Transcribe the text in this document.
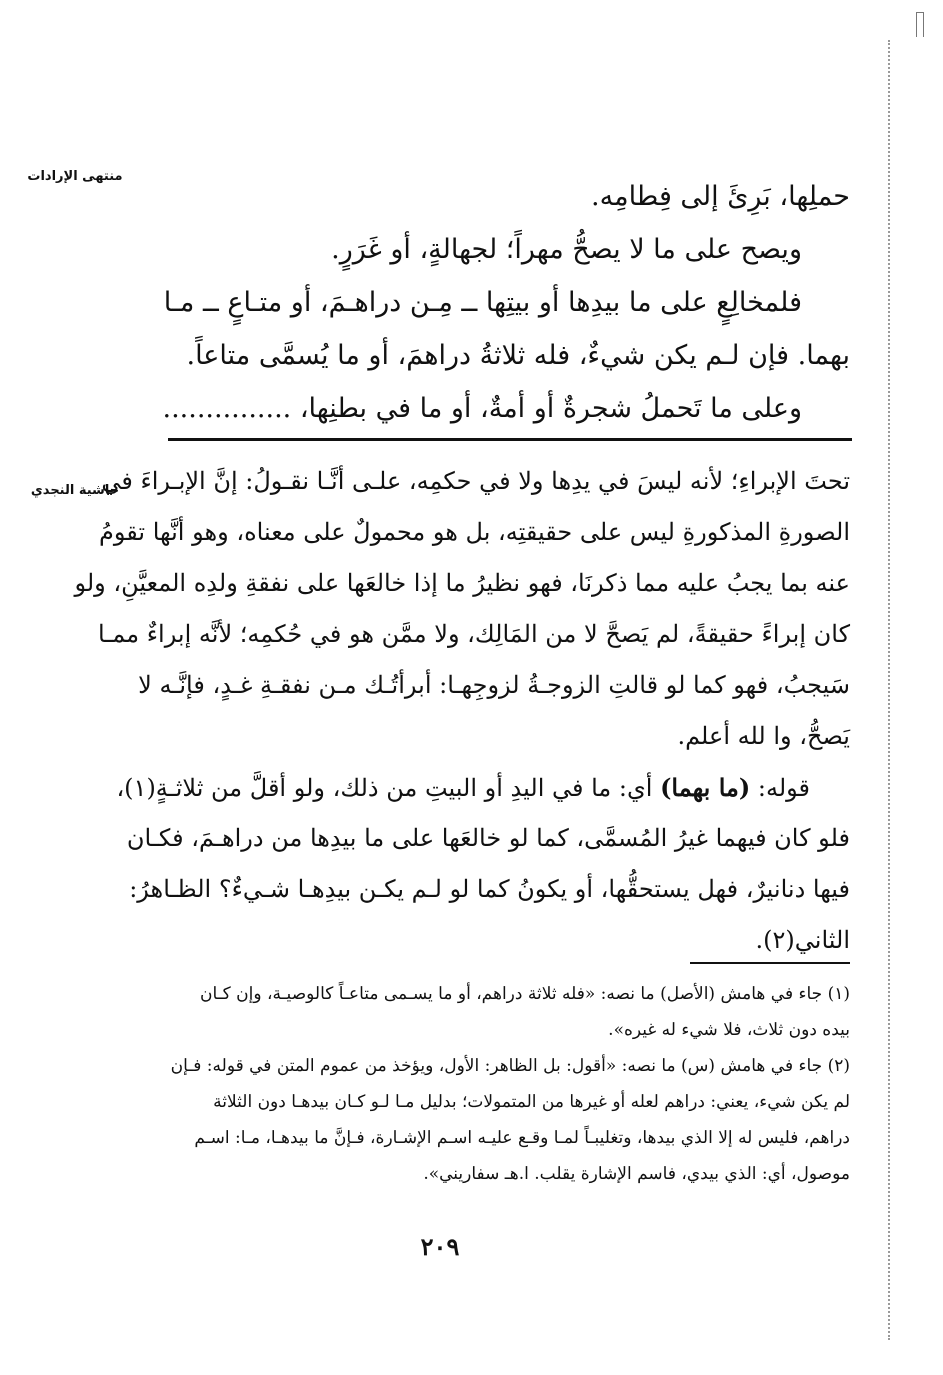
منتهى الإرادات
حاشية النجدي
حملِها، بَرِئَ إلى فِطامِه.
ويصح على ما لا يصحُّ مهراً؛ لجهالةٍ، أو غَرَرٍ.
فلمخالِعٍ على ما بيدِها أو بيتِها ــ مِـن دراهـمَ، أو متـاعٍ ــ مـا
بهما. فإن لـم يكن شيءٌ، فله ثلاثةُ دراهمَ، أو ما يُسمَّى متاعاً.
وعلى ما تَحملُ شجرةٌ أو أمةٌ، أو ما في بطنِها، ...............
تحتَ الإبراءِ؛ لأنه ليسَ في يدِها ولا في حكمِه، علـى أنَّـا نقـولُ: إنَّ الإبـراءَ في
الصورةِ المذكورةِ ليس على حقيقتِه، بل هو محمولٌ على معناه، وهو أنَّها تقومُ
عنه بما يجبُ عليه مما ذكرنَا، فهو نظيرُ ما إذا خالعَها على نفقةِ ولدِه المعيَّنِ، ولو
كان إبراءً حقيقةً، لم يَصحَّ لا من المَالِك، ولا ممَّن هو في حُكمِه؛ لأنَّه إبراءٌ ممـا
سَيجبُ، فهو كما لو قالتِ الزوجـةُ لزوجِهـا: أبرأتُـك مـن نفقـةِ غـدٍ، فإنَّـه لا
يَصحُّ، وا لله أعلم.
قوله: (ما بهما) أي: ما في اليدِ أو البيتِ من ذلك، ولو أقلَّ من ثلاثـةٍ(١)،
فلو كان فيهما غيرُ المُسمَّى، كما لو خالعَها على ما بيدِها من دراهـمَ، فكـان
فيها دنانيرٌ، فهل يستحقُّها، أو يكونُ كما لو لـم يكـن بيدِهـا شـيءٌ؟ الظـاهرُ:
الثاني(٢).
(١) جاء في هامش (الأصل) ما نصه: «فله ثلاثة دراهم، أو ما يسـمى متاعـاً كالوصيـة، وإن كـان
بيده دون ثلاث، فلا شيء له غيره».
(٢) جاء في هامش (س) ما نصه: «أقول: بل الظاهر: الأول، ويؤخذ من عموم المتن في قوله: فـإن
لم يكن شيء، يعني: دراهم لعله أو غيرها من المتمولات؛ بدليل مـا لـو كـان بيدهـا دون الثلاثة
دراهم، فليس له إلا الذي بيدها، وتغليبـاً لمـا وقـع عليـه اسـم الإشـارة، فـإنَّ ما بيدهـا، مـا: اسـم
موصول، أي: الذي بيدي، فاسم الإشارة يقلب. ا.هـ سفاريني».
٢٠٩
